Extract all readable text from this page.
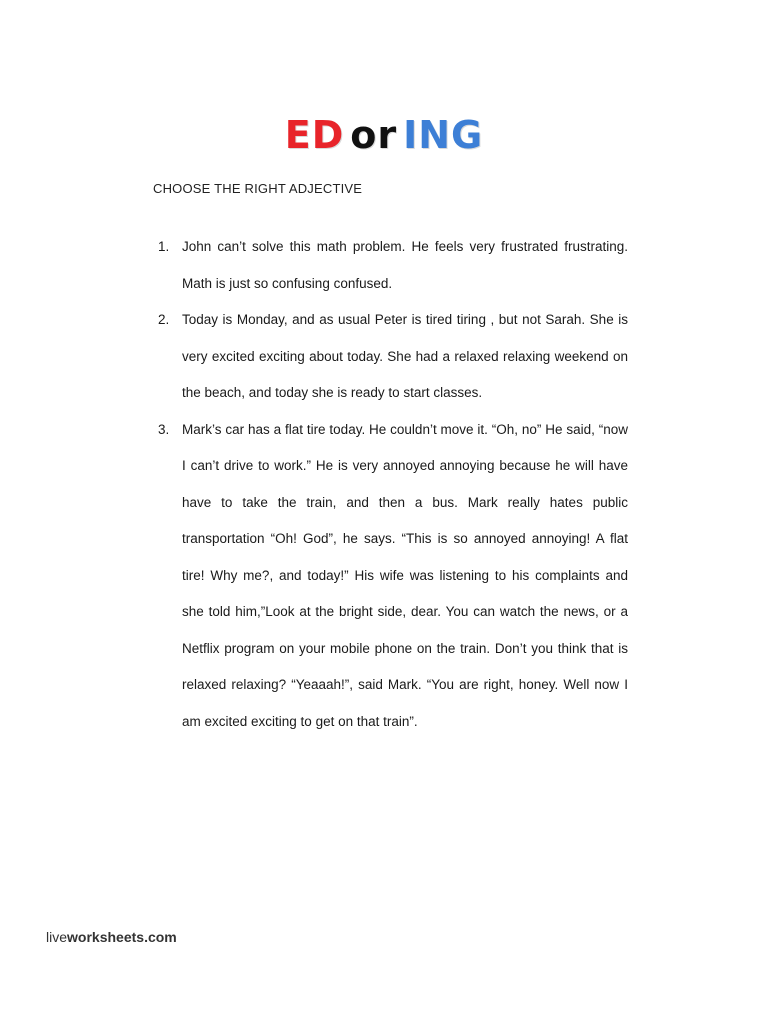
ED or ING
CHOOSE THE RIGHT ADJECTIVE
1. John can’t solve this math problem. He feels very frustrated frustrating. Math is just so confusing confused.
2. Today is Monday, and as usual Peter is tired tiring , but not Sarah. She is very excited exciting about today. She had a relaxed relaxing weekend on the beach, and today she is ready to start classes.
3. Mark’s car has a flat tire today. He couldn’t move it. “Oh, no” He said, “now I can’t drive to work.” He is very annoyed annoying because he will have have to take the train, and then a bus. Mark really hates public transportation “Oh! God”, he says. “This is so annoyed annoying! A flat tire! Why me?, and today!” His wife was listening to his complaints and she told him,”Look at the bright side, dear. You can watch the news, or a Netflix program on your mobile phone on the train. Don’t you think that is relaxed relaxing? “Yeaaah!”, said Mark. “You are right, honey. Well now I am excited exciting to get on that train”.
liveworksheets.com
